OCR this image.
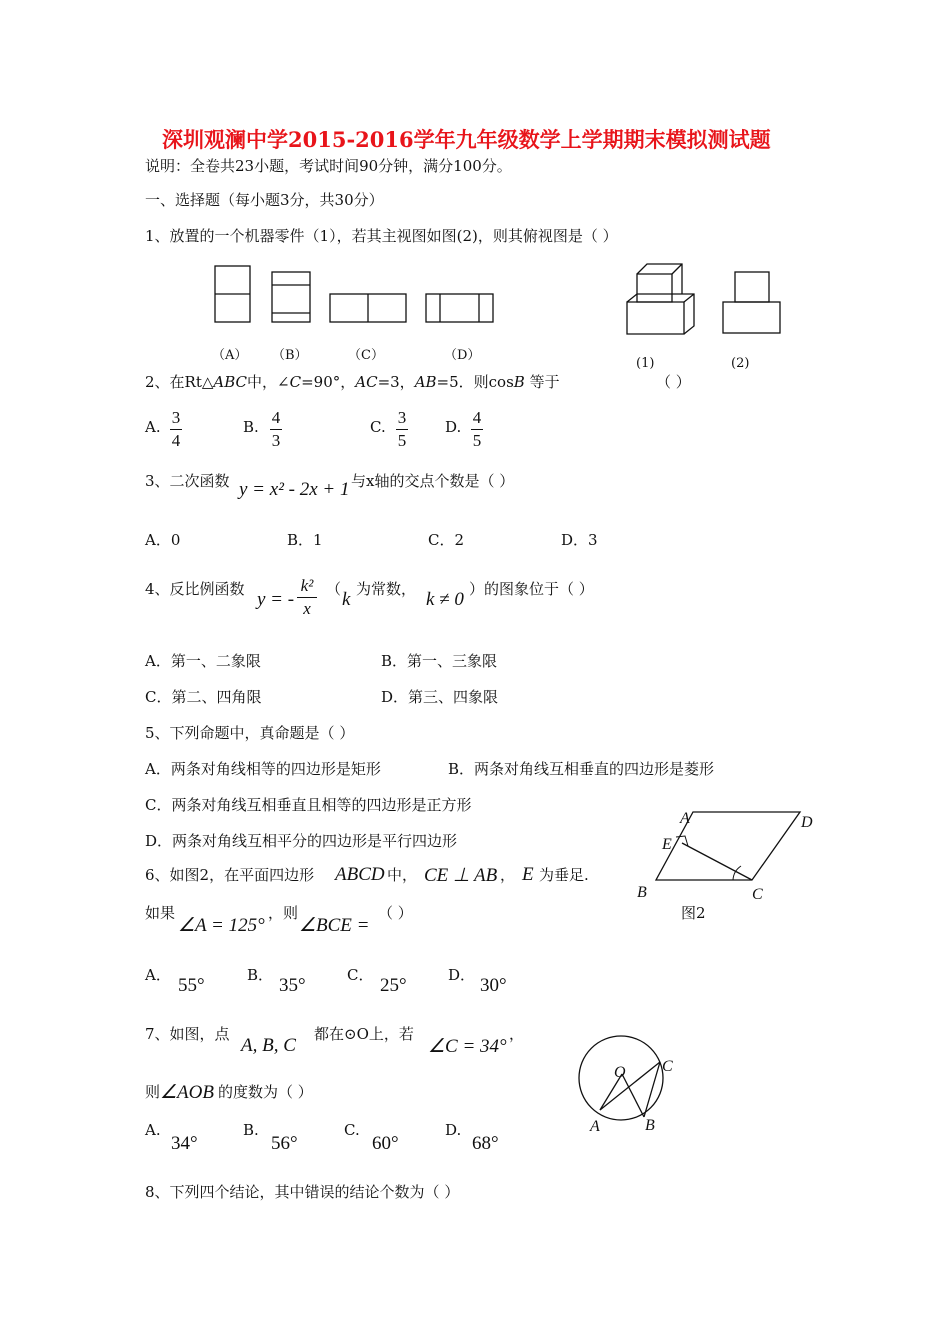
深圳观澜中学2015-2016学年九年级数学上学期期末模拟测试题
说明：全卷共23小题，考试时间90分钟，满分100分。
一、选择题（每小题3分，共30分）
1、放置的一个机器零件（1），若其主视图如图(2)，则其俯视图是（ ）
（A） （B）	（C）	（D）
(1)	(2)
2、在Rt△ABC中，∠C=90°，AC=3，AB=5．则cosB 等于	（ ）
A. 3
4
B. 4
3
C. 3
5
D. 4
5
3、二次函数 y = x² - 2x + 1 与x轴的交点个数是（ ）
A．0	B．1	C．2	D．3
4、反比例函数 y = -
k²
x
（ k 为常数， k ≠ 0 ）的图象位于（ ）
A．第一、二象限	B．第一、三象限
C．第二、四角限	D．第三、四象限
5、下列命题中，真命题是（ ）
A．两条对角线相等的四边形是矩形	B．两条对角线互相垂直的四边形是菱形
C．两条对角线互相垂直且相等的四边形是正方形
D．两条对角线互相平分的四边形是平行四边形
A	D
E
B	C
图2
6、如图2，在平面四边形 ABCD 中， CE ⊥ AB ， E 为垂足.
如果
∠A = 125°
，则
∠BCE =
（ ）
A． 55°	B． 35°	C． 25°	D． 30°
O C
A	B
7、如图，点
A, B, C
都在⊙O上，若
∠C = 34°
，
则 ∠AOB 的度数为（ ）
A.
34°
B.
56°
C.
60°
D.
68°
8、下列四个结论，其中错误的结论个数为（ ）
